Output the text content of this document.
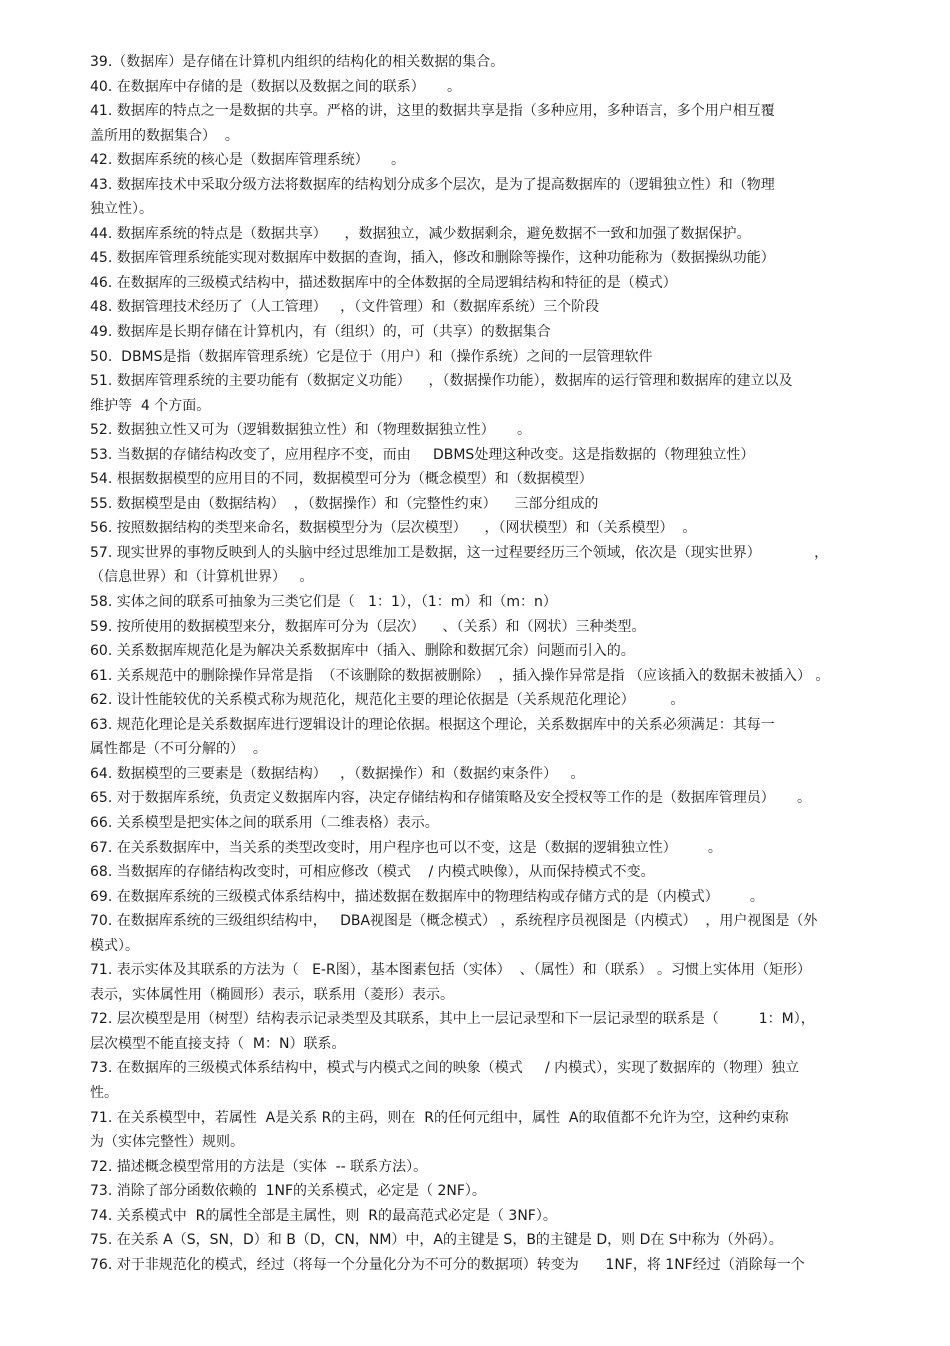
39.（数据库）是存储在计算机内组织的结构化的相关数据的集合。
40. 在数据库中存储的是（数据以及数据之间的联系）     。
41. 数据库的特点之一是数据的共享。严格的讲，这里的数据共享是指（多种应用，多种语言，多个用户相互覆
盖所用的数据集合）  。
42. 数据库系统的核心是（数据库管理系统）     。
43. 数据库技术中采取分级方法将数据库的结构划分成多个层次，是为了提高数据库的（逻辑独立性）和（物理
独立性）。
44. 数据库系统的特点是（数据共享）    ，数据独立，减少数据剩余，避免数据不一致和加强了数据保护。
45. 数据库管理系统能实现对数据库中数据的查询，插入，修改和删除等操作，这种功能称为（数据操纵功能）
46. 在数据库的三级模式结构中，描述数据库中的全体数据的全局逻辑结构和特征的是（模式）
48. 数据管理技术经历了（人工管理）   ，（文件管理）和（数据库系统）三个阶段
49. 数据库是长期存储在计算机内，有（组织）的，可（共享）的数据集合
50.  DBMS是指（数据库管理系统）它是位于（用户）和（操作系统）之间的一层管理软件
51. 数据库管理系统的主要功能有（数据定义功能）    ，（数据操作功能），数据库的运行管理和数据库的建立以及
维护等  4 个方面。
52. 数据独立性又可为（逻辑数据独立性）和（物理数据独立性）     。
53. 当数据的存储结构改变了，应用程序不变，而由     DBMS处理这种改变。这是指数据的（物理独立性）
54. 根据数据模型的应用目的不同，数据模型可分为（概念模型）和（数据模型）
55. 数据模型是由（数据结构）  ，（数据操作）和（完整性约束）    三部分组成的
56. 按照数据结构的类型来命名，数据模型分为（层次模型）    ，（网状模型）和（关系模型）  。
57. 现实世界的事物反映到人的头脑中经过思维加工是数据，这一过程要经历三个领域，依次是（现实世界）            ，
（信息世界）和（计算机世界）   。
58. 实体之间的联系可抽象为三类它们是（   1：1），（1：m）和（m：n）
59. 按所使用的数据模型来分，数据库可分为（层次）    、（关系）和（网状）三种类型。
60. 关系数据库规范化是为解决关系数据库中（插入、删除和数据冗余）问题而引入的。
61. 关系规范中的删除操作异常是指  （不该删除的数据被删除）  ，插入操作异常是指 （应该插入的数据未被插入） 。
62. 设计性能较优的关系模式称为规范化，规范化主要的理论依据是（关系规范化理论）        。
63. 规范化理论是关系数据库进行逻辑设计的理论依据。根据这个理论，关系数据库中的关系必须满足：其每一
属性都是（不可分解的）  。
64. 数据模型的三要素是（数据结构）   ，（数据操作）和（数据约束条件）   。
65. 对于数据库系统，负责定义数据库内容，决定存储结构和存储策略及安全授权等工作的是（数据库管理员）     。
66. 关系模型是把实体之间的联系用（二维表格）表示。
67. 在关系数据库中，当关系的类型改变时，用户程序也可以不变，这是（数据的逻辑独立性）       。
68. 当数据库的存储结构改变时，可相应修改（模式    / 内模式映像），从而保持模式不变。
69. 在数据库系统的三级模式体系结构中，描述数据在数据库中的物理结构或存储方式的是（内模式）       。
70. 在数据库系统的三级组织结构中，   DBA视图是（概念模式） ，系统程序员视图是（内模式）  ，用户视图是（外
模式）。
71. 表示实体及其联系的方法为（   E-R图），基本图素包括（实体）  、（属性）和（联系） 。习惯上实体用（矩形）
表示，实体属性用（椭圆形）表示，联系用（菱形）表示。
72. 层次模型是用（树型）结构表示记录类型及其联系，其中上一层记录型和下一层记录型的联系是（         1：M），
层次模型不能直接支持（  M：N）联系。
73. 在数据库的三级模式体系结构中，模式与内模式之间的映象（模式     / 内模式），实现了数据库的（物理）独立
性。
71. 在关系模型中，若属性  A是关系 R的主码，则在  R的任何元组中，属性  A的取值都不允许为空，这种约束称
为（实体完整性）规则。
72. 描述概念模型常用的方法是（实体  -- 联系方法）。
73. 消除了部分函数依赖的  1NF的关系模式，必定是（ 2NF）。
74. 关系模式中  R的属性全部是主属性，则  R的最高范式必定是（ 3NF）。
75. 在关系 A（S，SN，D）和 B（D，CN，NM）中，A的主键是 S，B的主键是 D，则 D在 S中称为（外码）。
76. 对于非规范化的模式，经过（将每一个分量化分为不可分的数据项）转变为      1NF，将 1NF经过（消除每一个
